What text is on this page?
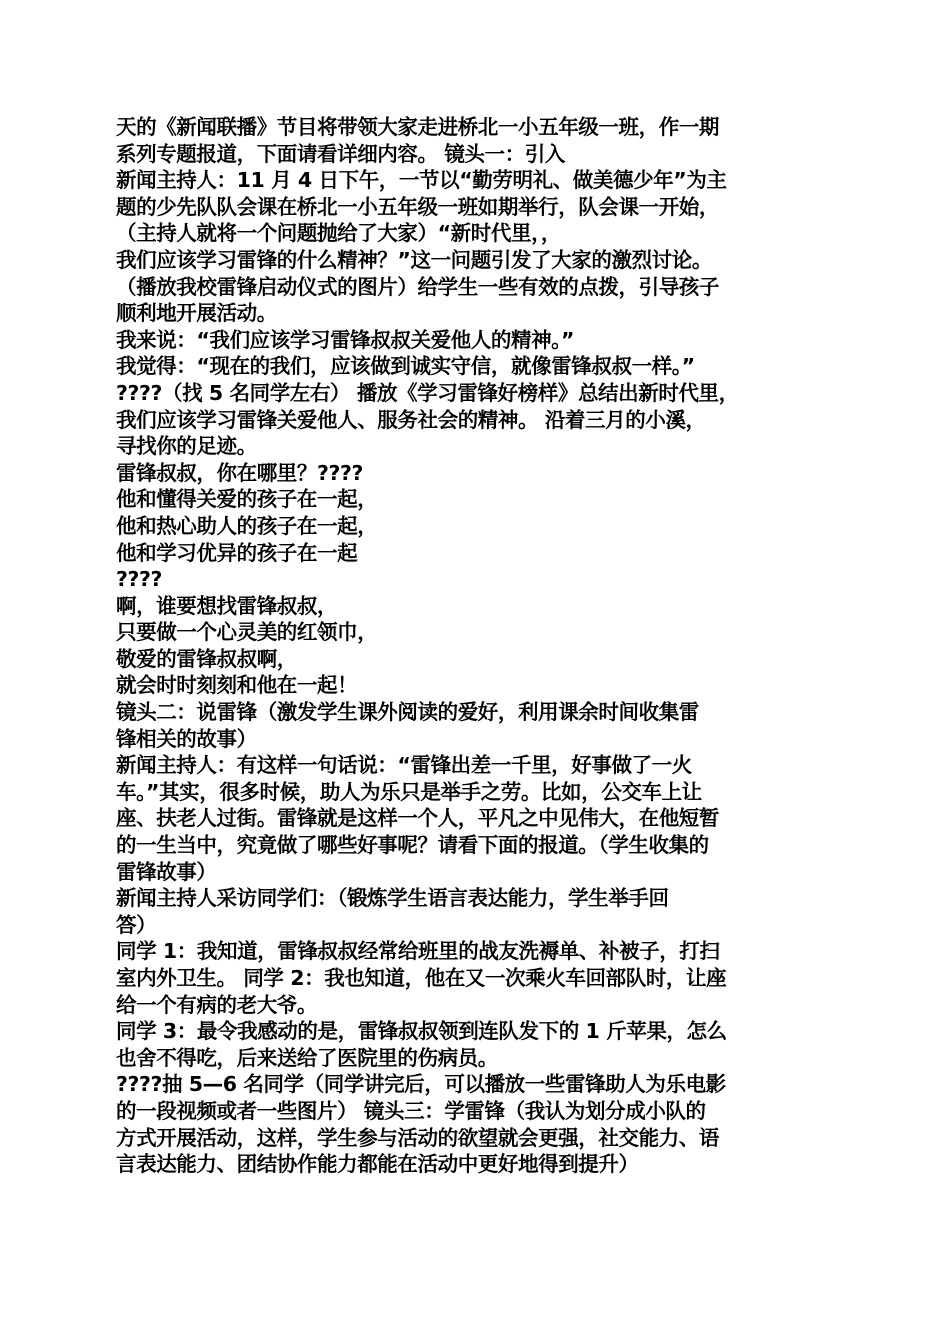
天的《新闻联播》节目将带领大家走进桥北一小五年级一班，作一期
系列专题报道，下面请看详细内容。 镜头一：引入
新闻主持人：11 月 4 日下午，一节以“勤劳明礼、做美德少年”为主
题的少先队队会课在桥北一小五年级一班如期举行，队会课一开始，
（主持人就将一个问题抛给了大家）“新时代里，，
我们应该学习雷锋的什么精神？”这一问题引发了大家的激烈讨论。
（播放我校雷锋启动仪式的图片）给学生一些有效的点拨，引导孩子
顺利地开展活动。
我来说：“我们应该学习雷锋叔叔关爱他人的精神。”
我觉得：“现在的我们，应该做到诚实守信，就像雷锋叔叔一样。”
????（找 5 名同学左右） 播放《学习雷锋好榜样》总结出新时代里，
我们应该学习雷锋关爱他人、服务社会的精神。 沿着三月的小溪，
寻找你的足迹。
雷锋叔叔，你在哪里？????
他和懂得关爱的孩子在一起，
他和热心助人的孩子在一起，
他和学习优异的孩子在一起
????
啊，谁要想找雷锋叔叔，
只要做一个心灵美的红领巾，
敬爱的雷锋叔叔啊，
就会时时刻刻和他在一起！
镜头二：说雷锋（激发学生课外阅读的爱好，利用课余时间收集雷
锋相关的故事）
新闻主持人：有这样一句话说：“雷锋出差一千里，好事做了一火
车。”其实，很多时候，助人为乐只是举手之劳。比如，公交车上让
座、扶老人过街。雷锋就是这样一个人，平凡之中见伟大，在他短暂
的一生当中，究竟做了哪些好事呢？请看下面的报道。（学生收集的
雷锋故事）
新闻主持人采访同学们：（锻炼学生语言表达能力，学生举手回
答）
同学 1：我知道，雷锋叔叔经常给班里的战友洗褥单、补被子，打扫
室内外卫生。 同学 2：我也知道，他在又一次乘火车回部队时，让座
给一个有病的老大爷。
同学 3：最令我感动的是，雷锋叔叔领到连队发下的 1 斤苹果，怎么
也舍不得吃，后来送给了医院里的伤病员。
????抽 5—6 名同学（同学讲完后，可以播放一些雷锋助人为乐电影
的一段视频或者一些图片） 镜头三：学雷锋（我认为划分成小队的
方式开展活动，这样，学生参与活动的欲望就会更强，社交能力、语
言表达能力、团结协作能力都能在活动中更好地得到提升）
